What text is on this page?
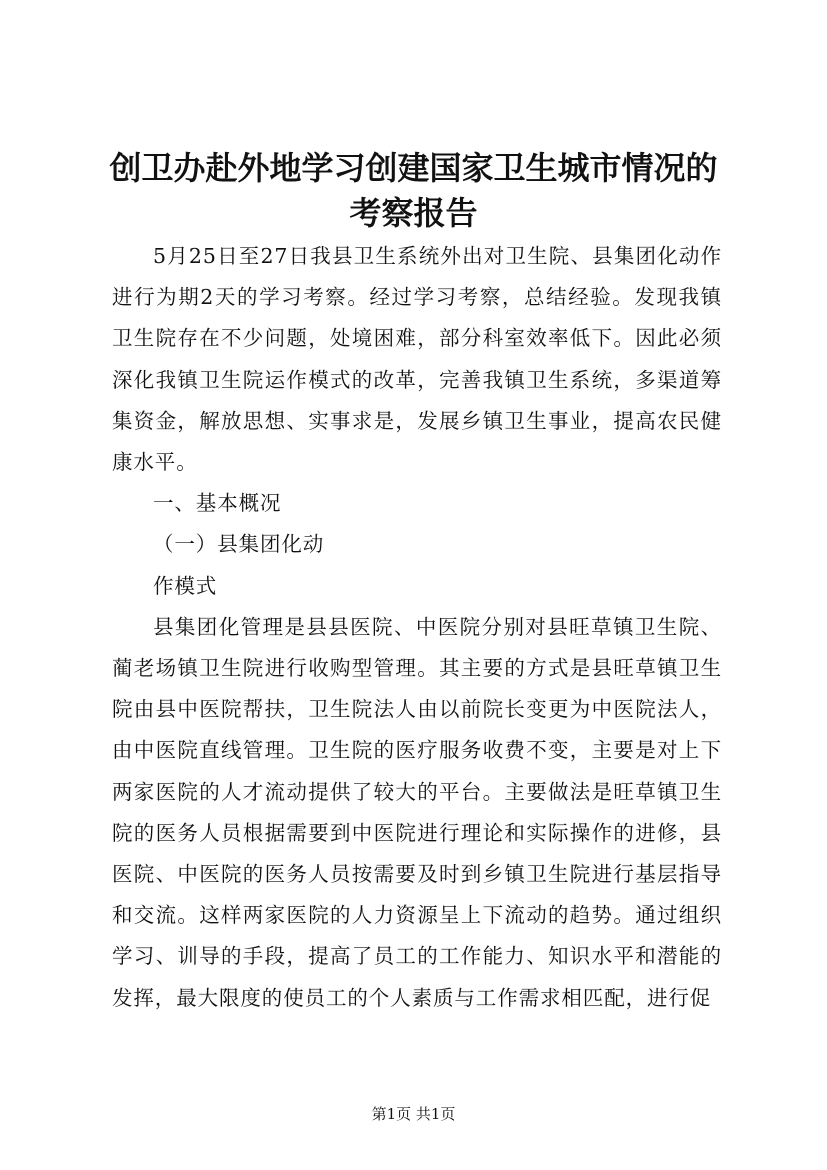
创卫办赴外地学习创建国家卫生城市情况的考察报告

5月25日至27日我县卫生系统外出对卫生院、县集团化动作进行为期2天的学习考察。经过学习考察，总结经验。发现我镇卫生院存在不少问题，处境困难，部分科室效率低下。因此必须深化我镇卫生院运作模式的改革，完善我镇卫生系统，多渠道筹集资金，解放思想、实事求是，发展乡镇卫生事业，提高农民健康水平。

一、基本概况

（一）县集团化动

作模式

县集团化管理是县县医院、中医院分别对县旺草镇卫生院、蔺老场镇卫生院进行收购型管理。其主要的方式是县旺草镇卫生院由县中医院帮扶，卫生院法人由以前院长变更为中医院法人，由中医院直线管理。卫生院的医疗服务收费不变，主要是对上下两家医院的人才流动提供了较大的平台。主要做法是旺草镇卫生院的医务人员根据需要到中医院进行理论和实际操作的进修，县医院、中医院的医务人员按需要及时到乡镇卫生院进行基层指导和交流。这样两家医院的人力资源呈上下流动的趋势。通过组织学习、训导的手段，提高了员工的工作能力、知识水平和潜能的发挥，最大限度的使员工的个人素质与工作需求相匹配，进行促

第1页 共1页
